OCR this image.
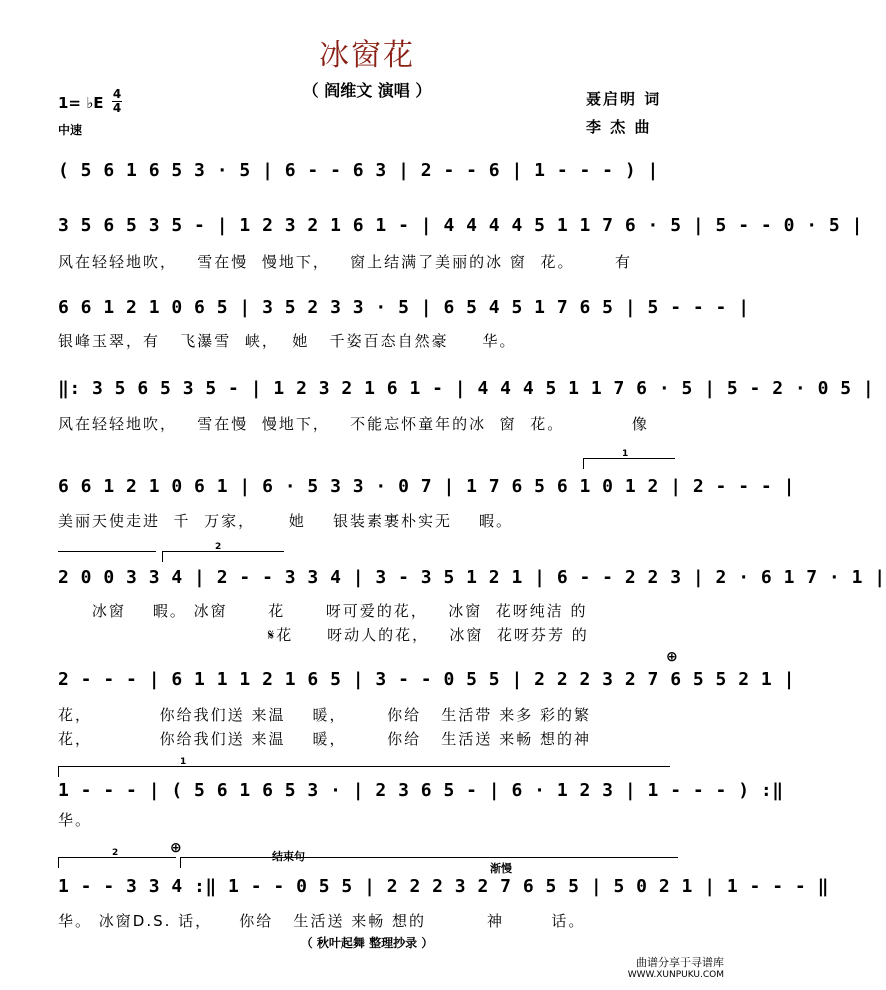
冰窗花
（ 阎维文 演唱 ）
1= ♭E 4
4
中速
聂启明 词
李 杰 曲
( 5 6 1 6 5 3 · 5 | 6 - - 6 3 | 2 - - 6 | 1 - - - ) |
3 5 6 5 3 5 - | 1 2 3 2 1 6 1 - | 4 4 4 4 5 1 1 7 6 · 5 | 5 - - 0 · 5 |
风在轻轻地吹，   雪在慢  慢地下，   窗上结满了美丽的冰 窗  花。      有
6 6 1 2 1 0 6 5 | 3 5 2 3 3 · 5 | 6 5 4 5 1 7 6 5 | 5 - - - |
银峰玉翠，有   飞瀑雪  峡，  她   千姿百态自然豪     华。
‖: 3 5 6 5 3 5 - | 1 2 3 2 1 6 1 - | 4 4 4 5 1 1 7 6 · 5 | 5 - 2 · 0 5 |
风在轻轻地吹，   雪在慢  慢地下，   不能忘怀童年的冰  窗  花。          像
1
6 6 1 2 1 0 6 1 | 6 · 5 3 3 · 0 7 | 1 7 6 5 6 1 0 1 2 | 2 - - - |
美丽天使走进  千  万家，     她    银装素裹朴实无    暇。
2
2 0 0 3 3 4 | 2 - - 3 3 4 | 3 - 3 5 1 2 1 | 6 - - 2 2 3 | 2 · 6 1 7 · 1 |
冰窗    暇。 冰窗      花      呀可爱的花，   冰窗  花呀纯洁 的
𝄋花     呀动人的花，   冰窗  花呀芬芳 的
⊕
2 - - - | 6 1 1 1 2 1 6 5 | 3 - - 0 5 5 | 2 2 2 3 2 7 6 5 5 2 1 |
花，          你给我们送 来温    暖，      你给   生活带 来多 彩的繁
花，          你给我们送 来温    暖，      你给   生活送 来畅 想的神
1
1 - - - | ( 5 6 1 6 5 3 · | 2 3 6 5 - | 6 · 1 2 3 | 1 - - - ) :‖
华。
2	⊕
结束句
渐慢
1 - - 3 3 4 :‖ 1 - - 0 5 5 | 2 2 2 3 2 7 6 5 5 | 5 0 2 1 | 1 - - - ‖
华。 冰窗D.S. 话，    你给   生活送 来畅 想的         神       话。
（ 秋叶起舞 整理抄录 ）
曲谱分享于寻谱库
WWW.XUNPUKU.COM
